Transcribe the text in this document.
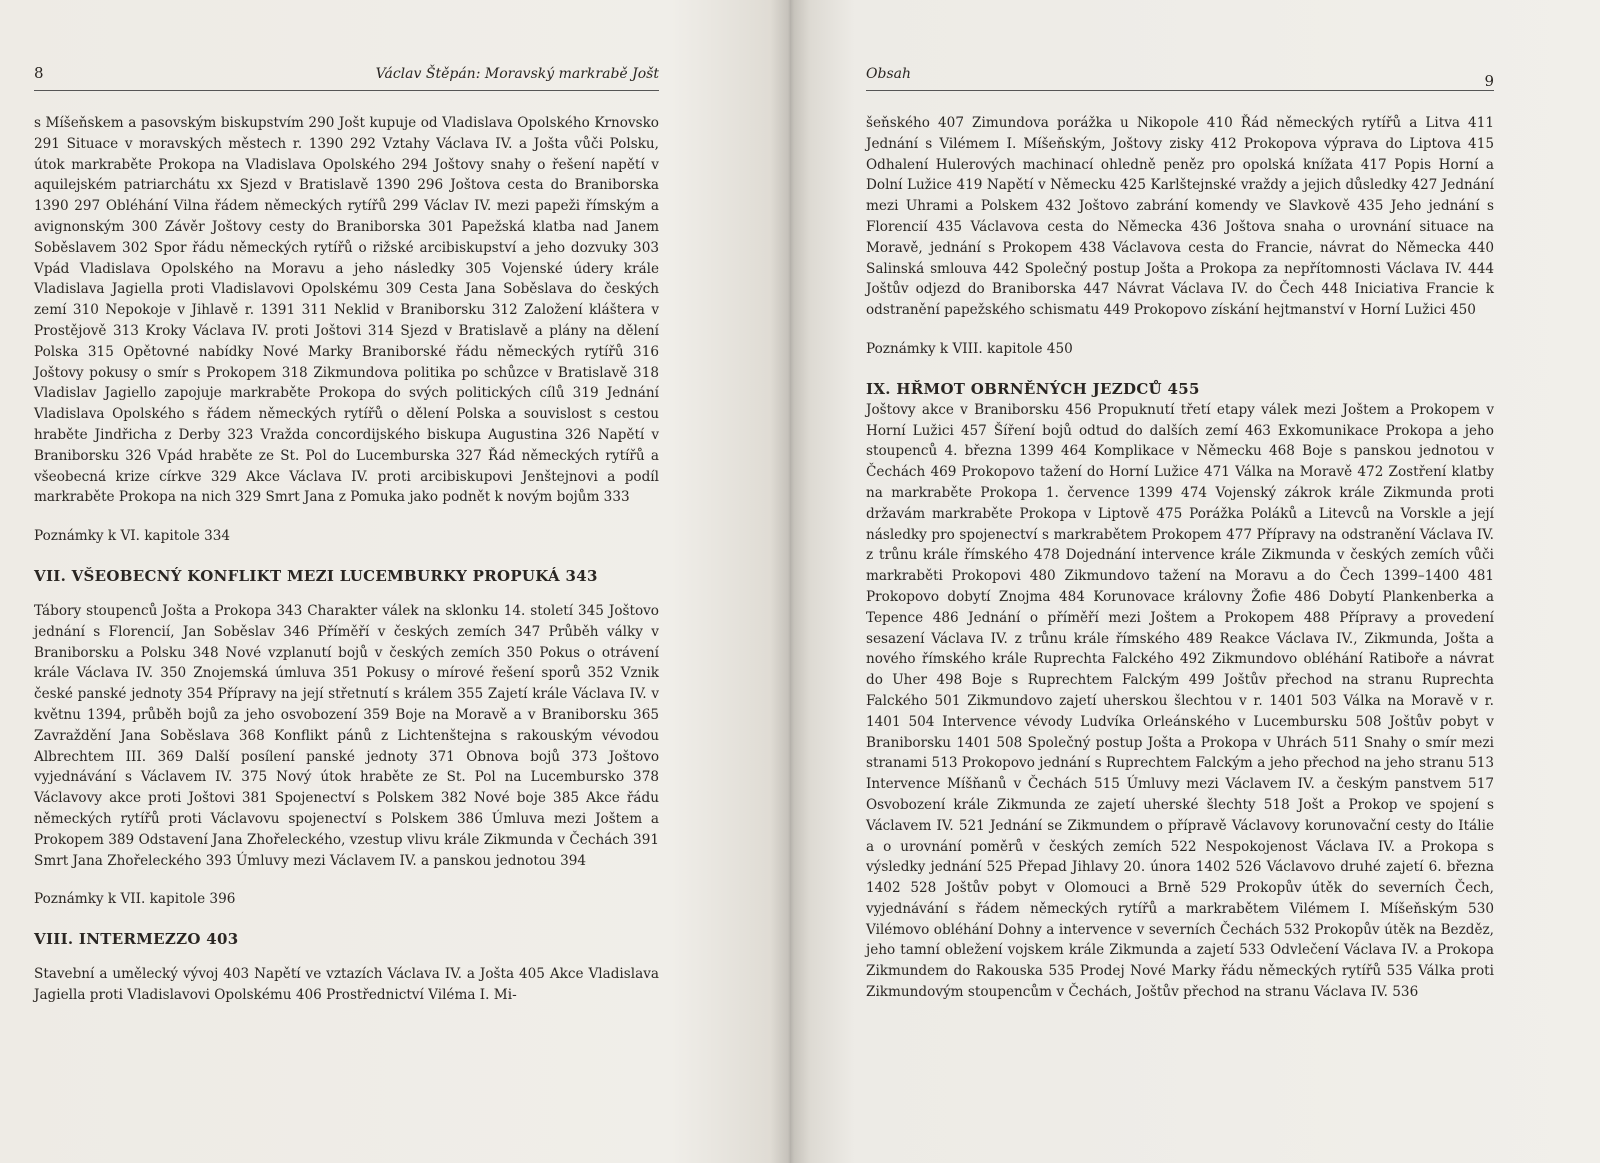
8	Václav Štěpán: Moravský markrabě Jošt

s Míšeňskem a pasovským biskupstvím 290 Jošt kupuje od Vladislava Opolského Krnovsko 291 Situace v moravských městech r. 1390 292 Vztahy Václava IV. a Jošta vůči Polsku, útok markraběte Prokopa na Vladislava Opolského 294 Joštovy snahy o řešení napětí v aquilejském patriarchátu xx Sjezd v Bratislavě 1390 296 Joštova cesta do Braniborska 1390 297 Obléhání Vilna řádem německých rytířů 299 Václav IV. mezi papeži římským a avignonským 300 Závěr Joštovy cesty do Braniborska 301 Papežská klatba nad Janem Soběslavem 302 Spor řádu německých rytířů o rižské arcibiskupství a jeho dozvuky 303 Vpád Vladislava Opolského na Moravu a jeho následky 305 Vojenské údery krále Vladislava Jagiella proti Vladislavovi Opolskému 309 Cesta Jana Soběslava do českých zemí 310 Nepokoje v Jihlavě r. 1391 311 Neklid v Braniborsku 312 Založení kláštera v Prostějově 313 Kroky Václava IV. proti Joštovi 314 Sjezd v Bratislavě a plány na dělení Polska 315 Opětovné nabídky Nové Marky Braniborské řádu německých rytířů 316 Joštovy pokusy o smír s Prokopem 318 Zikmundova politika po schůzce v Bratislavě 318 Vladislav Jagiello zapojuje markraběte Prokopa do svých politických cílů 319 Jednání Vladislava Opolského s řádem německých rytířů o dělení Polska a souvislost s cestou hraběte Jindřicha z Derby 323 Vražda concordijského biskupa Augustina 326 Napětí v Braniborsku 326 Vpád hraběte ze St. Pol do Lucemburska 327 Řád německých rytířů a všeobecná krize církve 329 Akce Václava IV. proti arcibiskupovi Jenštejnovi a podíl markraběte Prokopa na nich 329 Smrt Jana z Pomuka jako podnět k novým bojům 333

Poznámky k VI. kapitole 334

VII. VŠEOBECNÝ KONFLIKT MEZI LUCEMBURKY PROPUKÁ 343

Tábory stoupenců Jošta a Prokopa 343 Charakter válek na sklonku 14. století 345 Joštovo jednání s Florencií, Jan Soběslav 346 Příměří v českých zemích 347 Průběh války v Braniborsku a Polsku 348 Nové vzplanutí bojů v českých zemích 350 Pokus o otrávení krále Václava IV. 350 Znojemská úmluva 351 Pokusy o mírové řešení sporů 352 Vznik české panské jednoty 354 Přípravy na její střetnutí s králem 355 Zajetí krále Václava IV. v květnu 1394, průběh bojů za jeho osvobození 359 Boje na Moravě a v Braniborsku 365 Zavraždění Jana Soběslava 368 Konflikt pánů z Lichtenštejna s rakouským vévodou Albrechtem III. 369 Další posílení panské jednoty 371 Obnova bojů 373 Joštovo vyjednávání s Václavem IV. 375 Nový útok hraběte ze St. Pol na Lucembursko 378 Václavovy akce proti Joštovi 381 Spojenectví s Polskem 382 Nové boje 385 Akce řádu německých rytířů proti Václavovu spojenectví s Polskem 386 Úmluva mezi Joštem a Prokopem 389 Odstavení Jana Zhořeleckého, vzestup vlivu krále Zikmunda v Čechách 391 Smrt Jana Zhořeleckého 393 Úmluvy mezi Václavem IV. a panskou jednotou 394

Poznámky k VII. kapitole 396

VIII. INTERMEZZO 403

Stavební a umělecký vývoj 403 Napětí ve vztazích Václava IV. a Jošta 405 Akce Vladislava Jagiella proti Vladislavovi Opolskému 406 Prostřednictví Viléma I. Mi-

Obsah	9

šeňského 407 Zimundova porážka u Nikopole 410 Řád německých rytířů a Litva 411 Jednání s Vilémem I. Míšeňským, Joštovy zisky 412 Prokopova výprava do Liptova 415 Odhalení Hulerových machinací ohledně peněz pro opolská knížata 417 Popis Horní a Dolní Lužice 419 Napětí v Německu 425 Karlštejnské vraždy a jejich důsledky 427 Jednání mezi Uhrami a Polskem 432 Joštovo zabrání komendy ve Slavkově 435 Jeho jednání s Florencií 435 Václavova cesta do Německa 436 Joštova snaha o urovnání situace na Moravě, jednání s Prokopem 438 Václavova cesta do Francie, návrat do Německa 440 Salinská smlouva 442 Společný postup Jošta a Prokopa za nepřítomnosti Václava IV. 444 Joštův odjezd do Braniborska 447 Návrat Václava IV. do Čech 448 Iniciativa Francie k odstranění papežského schismatu 449 Prokopovo získání hejtmanství v Horní Lužici 450

Poznámky k VIII. kapitole 450

IX. HŘMOT OBRNĚNÝCH JEZDCŮ 455

Joštovy akce v Braniborsku 456 Propuknutí třetí etapy válek mezi Joštem a Prokopem v Horní Lužici 457 Šíření bojů odtud do dalších zemí 463 Exkomunikace Prokopa a jeho stoupenců 4. března 1399 464 Komplikace v Německu 468 Boje s panskou jednotou v Čechách 469 Prokopovo tažení do Horní Lužice 471 Válka na Moravě 472 Zostření klatby na markraběte Prokopa 1. července 1399 474 Vojenský zákrok krále Zikmunda proti državám markraběte Prokopa v Liptově 475 Porážka Poláků a Litevců na Vorskle a její následky pro spojenectví s markrabětem Prokopem 477 Přípravy na odstranění Václava IV. z trůnu krále římského 478 Dojednání intervence krále Zikmunda v českých zemích vůči markraběti Prokopovi 480 Zikmundovo tažení na Moravu a do Čech 1399–1400 481 Prokopovo dobytí Znojma 484 Korunovace královny Žofie 486 Dobytí Plankenberka a Tepence 486 Jednání o příměří mezi Joštem a Prokopem 488 Přípravy a provedení sesazení Václava IV. z trůnu krále římského 489 Reakce Václava IV., Zikmunda, Jošta a nového římského krále Ruprechta Falckého 492 Zikmundovo obléhání Ratiboře a návrat do Uher 498 Boje s Ruprechtem Falckým 499 Joštův přechod na stranu Ruprechta Falckého 501 Zikmundovo zajetí uherskou šlechtou v r. 1401 503 Válka na Moravě v r. 1401 504 Intervence vévody Ludvíka Orleánského v Lucembursku 508 Joštův pobyt v Braniborsku 1401 508 Společný postup Jošta a Prokopa v Uhrách 511 Snahy o smír mezi stranami 513 Prokopovo jednání s Ruprechtem Falckým a jeho přechod na jeho stranu 513 Intervence Míšňanů v Čechách 515 Úmluvy mezi Václavem IV. a českým panstvem 517 Osvobození krále Zikmunda ze zajetí uherské šlechty 518 Jošt a Prokop ve spojení s Václavem IV. 521 Jednání se Zikmundem o přípravě Václavovy korunovační cesty do Itálie a o urovnání poměrů v českých zemích 522 Nespokojenost Václava IV. a Prokopa s výsledky jednání 525 Přepad Jihlavy 20. února 1402 526 Václavovo druhé zajetí 6. března 1402 528 Joštův pobyt v Olomouci a Brně 529 Prokopův útěk do severních Čech, vyjednávání s řádem německých rytířů a markrabětem Vilémem I. Míšeňským 530 Vilémovo obléhání Dohny a intervence v severních Čechách 532 Prokopův útěk na Bezděz, jeho tamní obležení vojskem krále Zikmunda a zajetí 533 Odvlečení Václava IV. a Prokopa Zikmundem do Rakouska 535 Prodej Nové Marky řádu německých rytířů 535 Válka proti Zikmundovým stoupencům v Čechách, Joštův přechod na stranu Václava IV. 536
